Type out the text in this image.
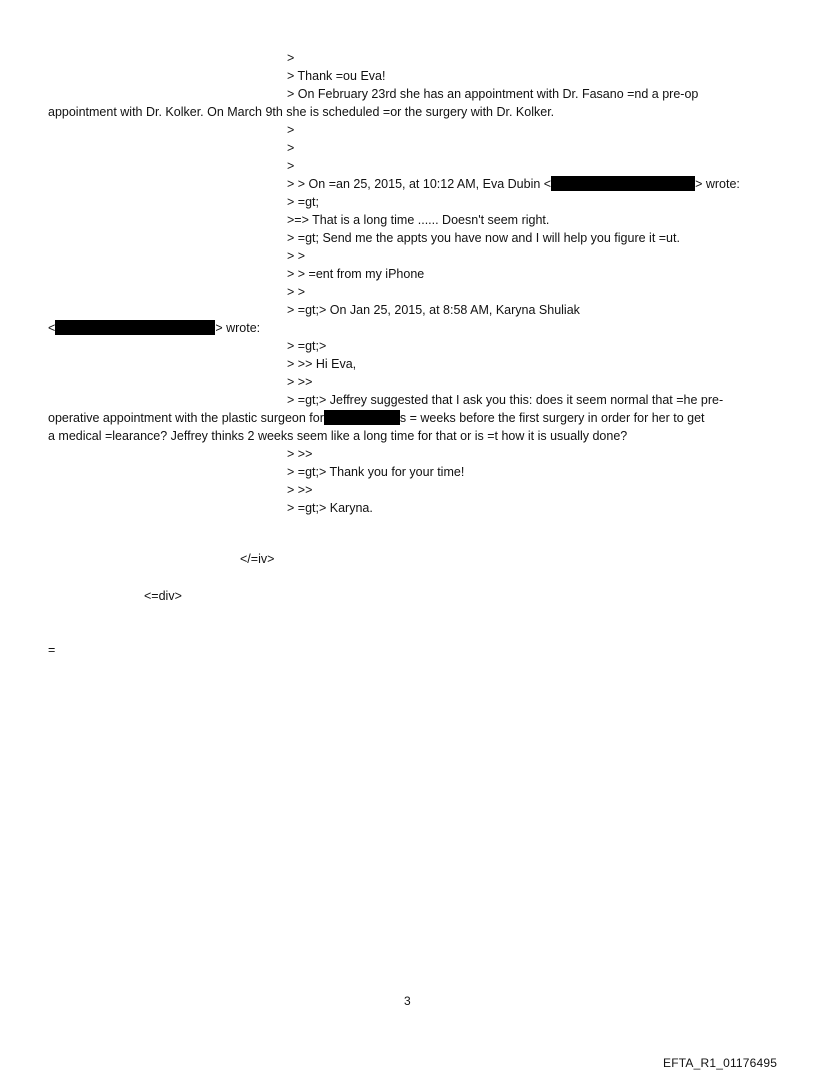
>
> Thank =ou Eva!
> On February 23rd she has an appointment with Dr. Fasano =nd a pre-op
appointment with Dr. Kolker. On March 9th she is scheduled =or the surgery with Dr. Kolker.
>
>
>
> > On =an 25, 2015, at 10:12 AM, Eva Dubin <	> wrote:
> =gt;
>=> That is a long time ...... Doesn't seem right.
> =gt; Send me the appts you have now and I will help you figure it =ut.
> >
> > =ent from my iPhone
> >
> =gt;> On Jan 25, 2015, at 8:58 AM, Karyna Shuliak
<	> wrote:
> =gt;>
> >> Hi Eva,
> >>
> =gt;> Jeffrey suggested that I ask you this: does it seem normal that =he pre-
operative appointment with the plastic surgeon for	s = weeks before the first surgery in order for her to get
a medical =learance? Jeffrey thinks 2 weeks seem like a long time for that or is =t how it is usually done?
> >>
> =gt;> Thank you for your time!
> >>
> =gt;> Karyna.
</=iv>
<=div>
=
3
EFTA_R1_01176495
